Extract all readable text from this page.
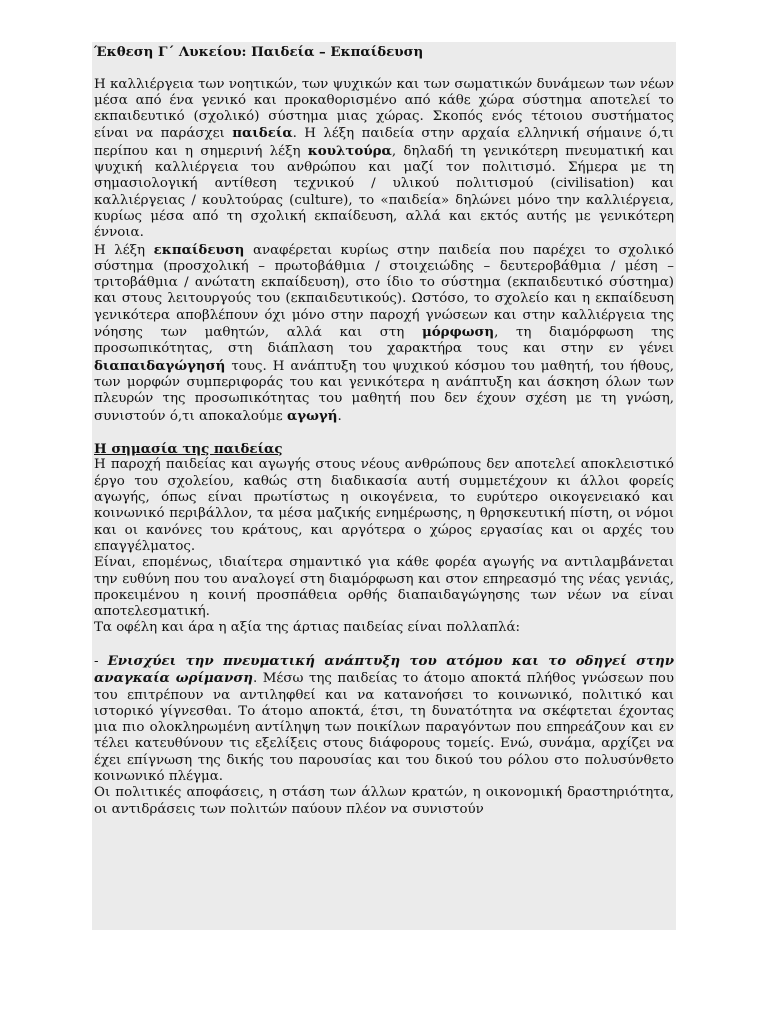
Έκθεση Γ΄ Λυκείου: Παιδεία – Εκπαίδευση

Η καλλιέργεια των νοητικών, των ψυχικών και των σωματικών δυνάμεων των νέων μέσα από ένα γενικό και προκαθορισμένο από κάθε χώρα σύστημα αποτελεί το εκπαιδευτικό (σχολικό) σύστημα μιας χώρας. Σκοπός ενός τέτοιου συστήματος είναι να παράσχει παιδεία. Η λέξη παιδεία στην αρχαία ελληνική σήμαινε ό,τι περίπου και η σημερινή λέξη κουλτούρα, δηλαδή τη γενικότερη πνευματική και ψυχική καλλιέργεια του ανθρώπου και μαζί τον πολιτισμό. Σήμερα με τη σημασιολογική αντίθεση τεχνικού / υλικού πολιτισμού (civilisation) και καλλιέργειας / κουλτούρας (culture), το «παιδεία» δηλώνει μόνο την καλλιέργεια, κυρίως μέσα από τη σχολική εκπαίδευση, αλλά και εκτός αυτής με γενικότερη έννοια.

Η λέξη εκπαίδευση αναφέρεται κυρίως στην παιδεία που παρέχει το σχολικό σύστημα (προσχολική – πρωτοβάθμια / στοιχειώδης – δευτεροβάθμια / μέση – τριτοβάθμια / ανώτατη εκπαίδευση), στο ίδιο το σύστημα (εκπαιδευτικό σύστημα) και στους λειτουργούς του (εκπαιδευτικούς). Ωστόσο, το σχολείο και η εκπαίδευση γενικότερα αποβλέπουν όχι μόνο στην παροχή γνώσεων και στην καλλιέργεια της νόησης των μαθητών, αλλά και στη μόρφωση, τη διαμόρφωση της προσωπικότητας, στη διάπλαση του χαρακτήρα τους και στην εν γένει διαπαιδαγώγησή τους. Η ανάπτυξη του ψυχικού κόσμου του μαθητή, του ήθους, των μορφών συμπεριφοράς του και γενικότερα η ανάπτυξη και άσκηση όλων των πλευρών της προσωπικότητας του μαθητή που δεν έχουν σχέση με τη γνώση, συνιστούν ό,τι αποκαλούμε αγωγή.

Η σημασία της παιδείας

Η παροχή παιδείας και αγωγής στους νέους ανθρώπους δεν αποτελεί αποκλειστικό έργο του σχολείου, καθώς στη διαδικασία αυτή συμμετέχουν κι άλλοι φορείς αγωγής, όπως είναι πρωτίστως η οικογένεια, το ευρύτερο οικογενειακό και κοινωνικό περιβάλλον, τα μέσα μαζικής ενημέρωσης, η θρησκευτική πίστη, οι νόμοι και οι κανόνες του κράτους, και αργότερα ο χώρος εργασίας και οι αρχές του επαγγέλματος.

Είναι, επομένως, ιδιαίτερα σημαντικό για κάθε φορέα αγωγής να αντιλαμβάνεται την ευθύνη που του αναλογεί στη διαμόρφωση και στον επηρεασμό της νέας γενιάς, προκειμένου η κοινή προσπάθεια ορθής διαπαιδαγώγησης των νέων να είναι αποτελεσματική.

Τα οφέλη και άρα η αξία της άρτιας παιδείας είναι πολλαπλά:

- Ενισχύει την πνευματική ανάπτυξη του ατόμου και το οδηγεί στην αναγκαία ωρίμανση. Μέσω της παιδείας το άτομο αποκτά πλήθος γνώσεων που του επιτρέπουν να αντιληφθεί και να κατανοήσει το κοινωνικό, πολιτικό και ιστορικό γίγνεσθαι. Το άτομο αποκτά, έτσι, τη δυνατότητα να σκέφτεται έχοντας μια πιο ολοκληρωμένη αντίληψη των ποικίλων παραγόντων που επηρεάζουν και εν τέλει κατευθύνουν τις εξελίξεις στους διάφορους τομείς. Ενώ, συνάμα, αρχίζει να έχει επίγνωση της δικής του παρουσίας και του δικού του ρόλου στο πολυσύνθετο κοινωνικό πλέγμα.

Οι πολιτικές αποφάσεις, η στάση των άλλων κρατών, η οικονομική δραστηριότητα, οι αντιδράσεις των πολιτών παύουν πλέον να συνιστούν
